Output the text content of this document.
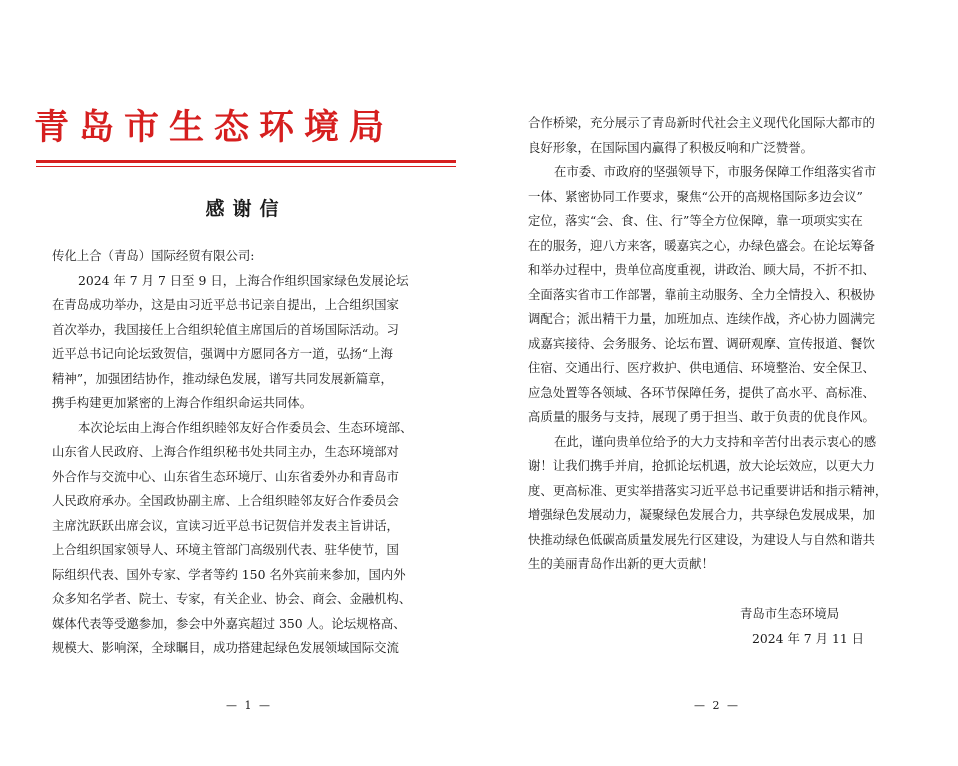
青岛市生态环境局
感谢信

传化上合（青岛）国际经贸有限公司:

2024 年 7 月 7 日至 9 日，上海合作组织国家绿色发展论坛

在青岛成功举办，这是由习近平总书记亲自提出，上合组织国家

首次举办，我国接任上合组织轮值主席国后的首场国际活动。习

近平总书记向论坛致贺信，强调中方愿同各方一道，弘扬“上海

精神”，加强团结协作，推动绿色发展，谱写共同发展新篇章，

携手构建更加紧密的上海合作组织命运共同体。

本次论坛由上海合作组织睦邻友好合作委员会、生态环境部、

山东省人民政府、上海合作组织秘书处共同主办，生态环境部对

外合作与交流中心、山东省生态环境厅、山东省委外办和青岛市

人民政府承办。全国政协副主席、上合组织睦邻友好合作委员会

主席沈跃跃出席会议，宣读习近平总书记贺信并发表主旨讲话，

上合组织国家领导人、环境主管部门高级别代表、驻华使节，国

际组织代表、国外专家、学者等约 150 名外宾前来参加，国内外

众多知名学者、院士、专家，有关企业、协会、商会、金融机构、

媒体代表等受邀参加，参会中外嘉宾超过 350 人。论坛规格高、

规模大、影响深，全球瞩目，成功搭建起绿色发展领域国际交流

— 1 —

合作桥梁，充分展示了青岛新时代社会主义现代化国际大都市的

良好形象，在国际国内赢得了积极反响和广泛赞誉。

在市委、市政府的坚强领导下，市服务保障工作组落实省市

一体、紧密协同工作要求，聚焦“公开的高规格国际多边会议”

定位，落实“会、食、住、行”等全方位保障，靠一项项实实在

在的服务，迎八方来客，暖嘉宾之心，办绿色盛会。在论坛筹备

和举办过程中，贵单位高度重视，讲政治、顾大局，不折不扣、

全面落实省市工作部署，靠前主动服务、全力全情投入、积极协

调配合；派出精干力量，加班加点、连续作战，齐心协力圆满完

成嘉宾接待、会务服务、论坛布置、调研观摩、宣传报道、餐饮

住宿、交通出行、医疗救护、供电通信、环境整治、安全保卫、

应急处置等各领域、各环节保障任务，提供了高水平、高标准、

高质量的服务与支持，展现了勇于担当、敢于负责的优良作风。

在此，谨向贵单位给予的大力支持和辛苦付出表示衷心的感

谢！让我们携手并肩，抢抓论坛机遇，放大论坛效应，以更大力

度、更高标准、更实举措落实习近平总书记重要讲话和指示精神，

增强绿色发展动力，凝聚绿色发展合力，共享绿色发展成果，加

快推动绿色低碳高质量发展先行区建设，为建设人与自然和谐共

生的美丽青岛作出新的更大贡献！

青岛市生态环境局
2024 年 7 月 11 日
— 2 —
